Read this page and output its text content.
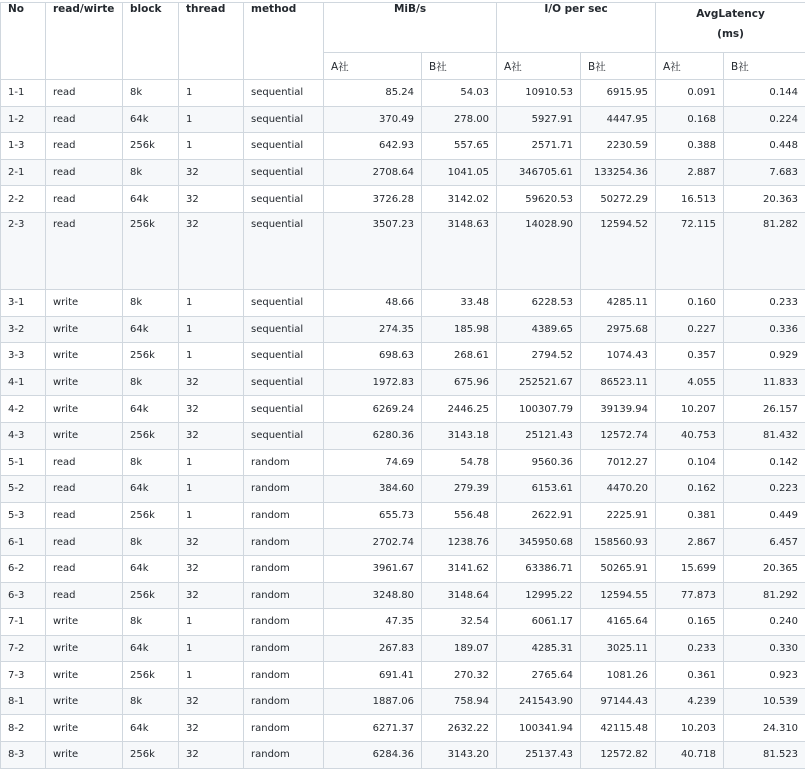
No	read/wirte	block	thread	method	MiB/s		I/O per sec		AvgLatency
(ms)	
					A社	B社	A社	B社	A社	B社
1-1	read	8k	1	sequential	85.24	54.03	10910.53	6915.95	0.091	0.144
1-2	read	64k	1	sequential	370.49	278.00	5927.91	4447.95	0.168	0.224
1-3	read	256k	1	sequential	642.93	557.65	2571.71	2230.59	0.388	0.448
2-1	read	8k	32	sequential	2708.64	1041.05	346705.61	133254.36	2.887	7.683
2-2	read	64k	32	sequential	3726.28	3142.02	59620.53	50272.29	16.513	20.363
2-3	read	256k	32	sequential	3507.23	3148.63	14028.90	12594.52	72.115	81.282
3-1	write	8k	1	sequential	48.66	33.48	6228.53	4285.11	0.160	0.233
3-2	write	64k	1	sequential	274.35	185.98	4389.65	2975.68	0.227	0.336
3-3	write	256k	1	sequential	698.63	268.61	2794.52	1074.43	0.357	0.929
4-1	write	8k	32	sequential	1972.83	675.96	252521.67	86523.11	4.055	11.833
4-2	write	64k	32	sequential	6269.24	2446.25	100307.79	39139.94	10.207	26.157
4-3	write	256k	32	sequential	6280.36	3143.18	25121.43	12572.74	40.753	81.432
5-1	read	8k	1	random	74.69	54.78	9560.36	7012.27	0.104	0.142
5-2	read	64k	1	random	384.60	279.39	6153.61	4470.20	0.162	0.223
5-3	read	256k	1	random	655.73	556.48	2622.91	2225.91	0.381	0.449
6-1	read	8k	32	random	2702.74	1238.76	345950.68	158560.93	2.867	6.457
6-2	read	64k	32	random	3961.67	3141.62	63386.71	50265.91	15.699	20.365
6-3	read	256k	32	random	3248.80	3148.64	12995.22	12594.55	77.873	81.292
7-1	write	8k	1	random	47.35	32.54	6061.17	4165.64	0.165	0.240
7-2	write	64k	1	random	267.83	189.07	4285.31	3025.11	0.233	0.330
7-3	write	256k	1	random	691.41	270.32	2765.64	1081.26	0.361	0.923
8-1	write	8k	32	random	1887.06	758.94	241543.90	97144.43	4.239	10.539
8-2	write	64k	32	random	6271.37	2632.22	100341.94	42115.48	10.203	24.310
8-3	write	256k	32	random	6284.36	3143.20	25137.43	12572.82	40.718	81.523
